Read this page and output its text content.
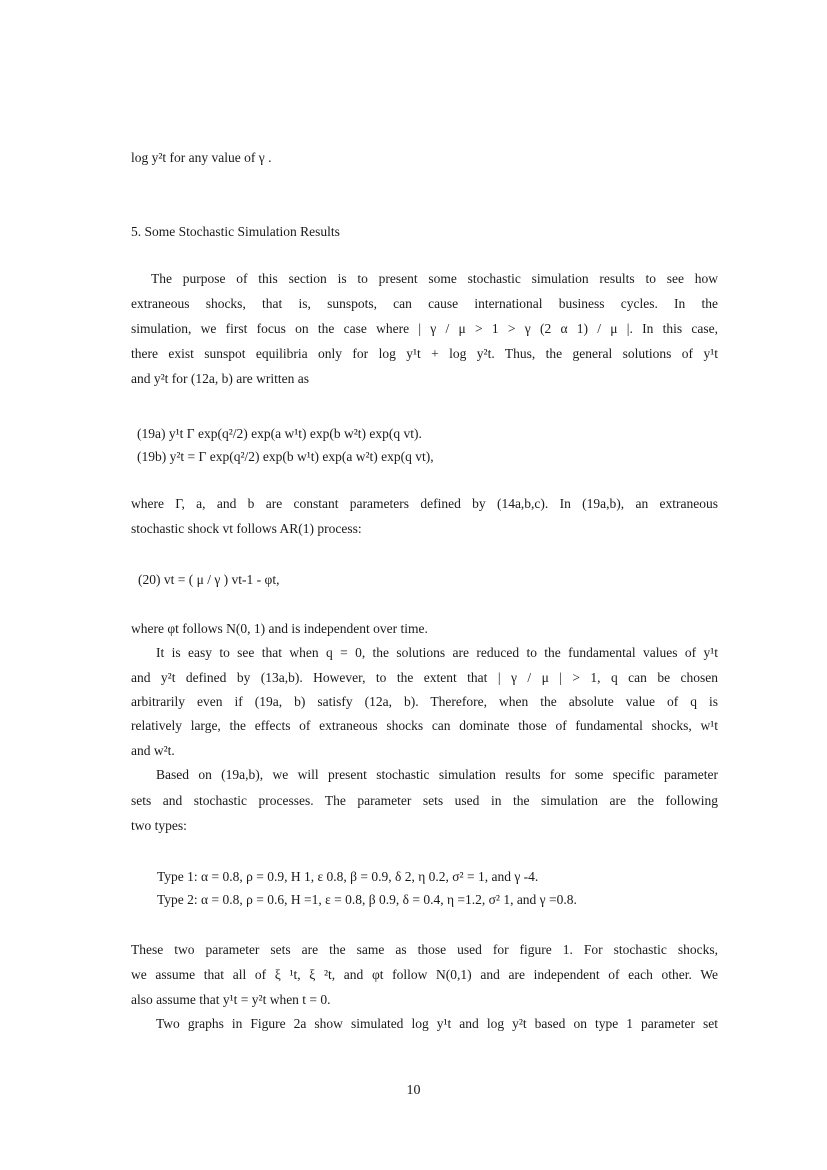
log y²t for any value of γ .
5. Some Stochastic Simulation Results
The purpose of this section is to present some stochastic simulation results to see how
extraneous shocks, that is, sunspots, can cause international business cycles. In the
simulation, we first focus on the case where | γ / μ > 1 > γ (2 α 1) / μ |. In this case,
there exist sunspot equilibria only for log y¹t + log y²t. Thus, the general solutions of y¹t
and y²t for (12a, b) are written as
(19a) y¹t Γ exp(q²/2) exp(a w¹t) exp(b w²t) exp(q vt).
(19b) y²t = Γ exp(q²/2) exp(b w¹t) exp(a w²t) exp(q vt),
where Γ, a, and b are constant parameters defined by (14a,b,c). In (19a,b), an extraneous
stochastic shock vt follows AR(1) process:
(20) vt = ( μ / γ ) vt-1 - φt,
where φt follows N(0, 1) and is independent over time.
It is easy to see that when q = 0, the solutions are reduced to the fundamental values of y¹t
and y²t defined by (13a,b). However, to the extent that | γ / μ | > 1, q can be chosen
arbitrarily even if (19a, b) satisfy (12a, b). Therefore, when the absolute value of q is
relatively large, the effects of extraneous shocks can dominate those of fundamental shocks, w¹t
and w²t.
Based on (19a,b), we will present stochastic simulation results for some specific parameter
sets and stochastic processes. The parameter sets used in the simulation are the following
two types:
Type 1: α = 0.8, ρ = 0.9, H 1, ε 0.8, β = 0.9, δ 2, η 0.2, σ² = 1, and γ -4.
Type 2: α = 0.8, ρ = 0.6, H =1, ε = 0.8, β 0.9, δ = 0.4, η =1.2, σ² 1, and γ =0.8.
These two parameter sets are the same as those used for figure 1. For stochastic shocks,
we assume that all of ξ ¹t, ξ ²t, and φt follow N(0,1) and are independent of each other. We
also assume that y¹t = y²t when t = 0.
Two graphs in Figure 2a show simulated log y¹t and log y²t based on type 1 parameter set
10
